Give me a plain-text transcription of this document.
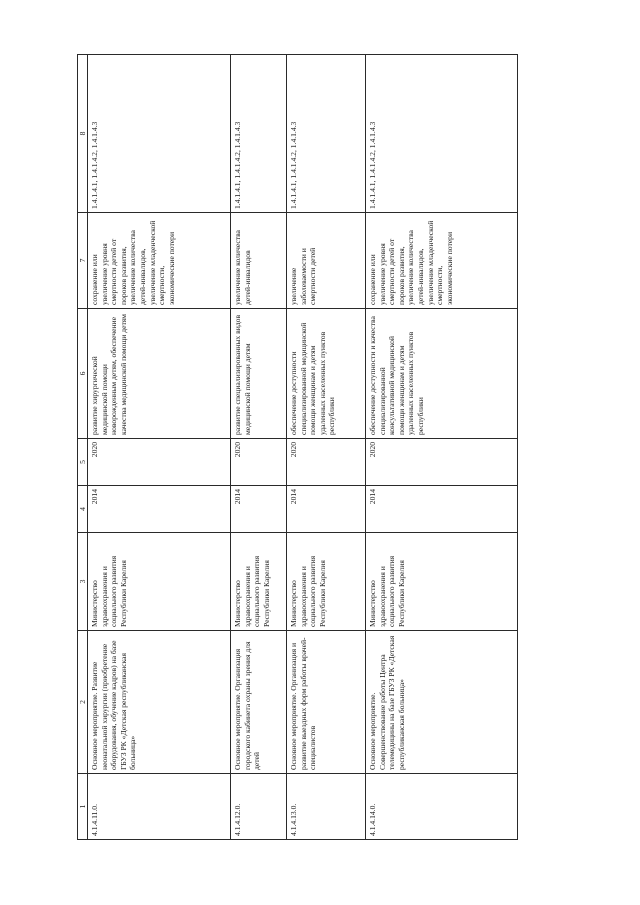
1	2	3	4	5	6	7	8
4.1.4.11.0.	Основное мероприятие. Развитие неонатальной хирургии (приобретение оборудования, обучение кадров) на базе ГБУЗ РК «Детская республиканская больница»	Министерство здравоохранения и социального развития Республики Карелия	2014	2020	развитие хирургической медицинской помощи новорожденным детям, обеспечение качества медицинской помощи детям	сохранение или увеличение уровня смертности детей от пороков развития, увеличение количества детей-инвалидов, увеличение младенческой смертности, экономические потери	1.4.1.4.1, 1.4.1.4.2, 1.4.1.4.3
4.1.4.12.0.	Основное мероприятие. Организация городского кабинета охраны зрения для детей	Министерство здравоохранения и социального развития Республики Карелия	2014	2020	развитие специализированных видов медицинской помощи детям	увеличение количества детей-инвалидов	1.4.1.4.1, 1.4.1.4.2, 1.4.1.4.3
4.1.4.13.0.	Основное мероприятие. Организация и развитие выездных форм работы врачей-специалистов	Министерство здравоохранения и социального развития Республики Карелия	2014	2020	обеспечение доступности специализированной медицинской помощи женщинам и детям удаленных населенных пунктов республики	увеличение заболеваемости и смертности детей	1.4.1.4.1, 1.4.1.4.2, 1.4.1.4.3
4.1.4.14.0.	Основное мероприятие. Совершенствование работы Центра телемедицины на базе ГБУЗ РК «Детская республиканская больница»	Министерство здравоохранения и социального развития Республики Карелия	2014	2020	обеспечение доступности и качества специализированной консультативной медицинской помощи женщинам и детям удаленных населенных пунктов республики	сохранение или увеличение уровня смертности детей от пороков развития, увеличение количества детей-инвалидов, увеличение младенческой смертности, экономические потери	1.4.1.4.1, 1.4.1.4.2, 1.4.1.4.3
